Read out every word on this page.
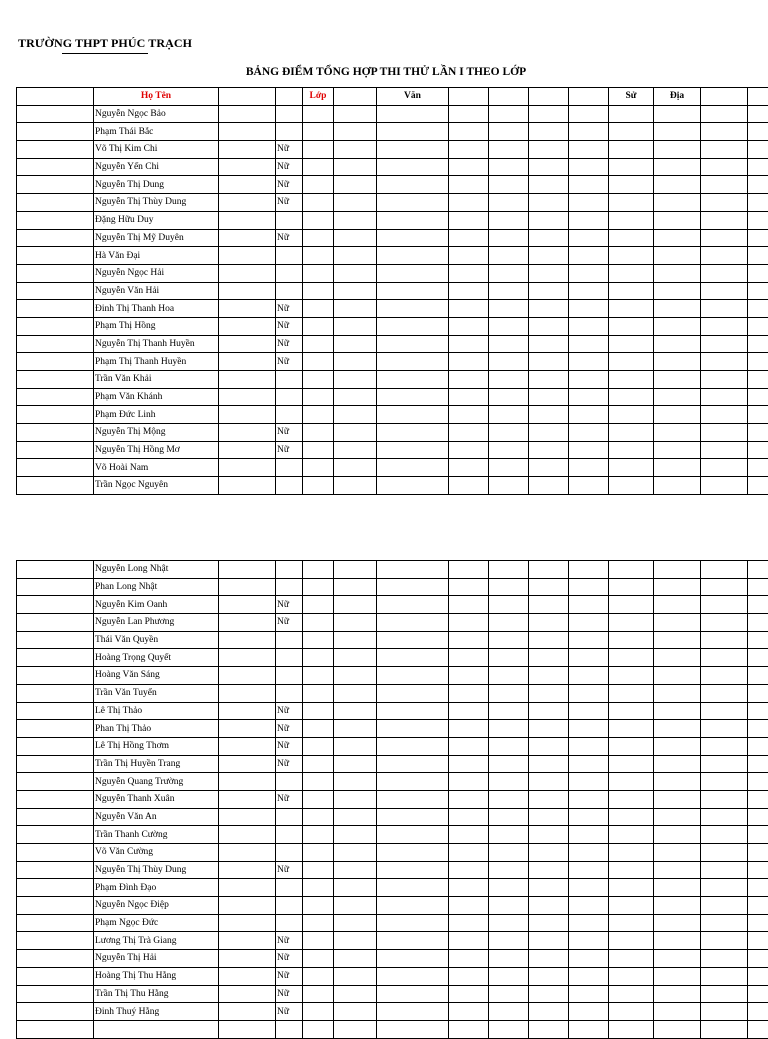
TRƯỜNG THPT PHÚC TRẠCH
BẢNG ĐIỂM TỔNG HỢP THI THỬ LẦN I THEO LỚP
	Họ Tên			Lớp		Văn					Sử	Địa		
	Nguyễn Ngọc Bảo													
	Phạm Thái Bắc													
	Võ Thị Kim Chi		Nữ											
	Nguyễn Yến Chi		Nữ											
	Nguyễn Thị Dung		Nữ											
	Nguyễn Thị Thùy Dung		Nữ											
	Đặng Hữu Duy													
	Nguyễn Thị Mỹ Duyên		Nữ											
	Hà Văn Đại													
	Nguyễn Ngọc Hải													
	Nguyễn Văn Hải													
	Đinh Thị Thanh Hoa		Nữ											
	Phạm Thị Hồng		Nữ											
	Nguyễn Thị Thanh Huyền		Nữ											
	Phạm Thị Thanh Huyền		Nữ											
	Trần Văn Khải													
	Phạm Văn Khánh													
	Phạm Đức Linh													
	Nguyễn Thị Mộng		Nữ											
	Nguyễn Thị Hồng Mơ		Nữ											
	Võ Hoài Nam													
	Trần Ngọc Nguyên													
	Nguyễn Long Nhật													
	Phan Long Nhật													
	Nguyễn Kim Oanh		Nữ											
	Nguyễn Lan Phương		Nữ											
	Thái Văn Quyền													
	Hoàng Trọng Quyết													
	Hoàng Văn Sáng													
	Trần Văn Tuyển													
	Lê Thị Thảo		Nữ											
	Phan Thị Thảo		Nữ											
	Lê Thị Hồng Thơm		Nữ											
	Trần Thị Huyền Trang		Nữ											
	Nguyễn Quang Trường													
	Nguyễn Thanh Xuân		Nữ											
	Nguyễn Văn An													
	Trần Thanh Cường													
	Võ Văn Cường													
	Nguyễn Thị Thùy Dung		Nữ											
	Phạm Đình Đạo													
	Nguyễn Ngọc Điệp													
	Phạm Ngọc Đức													
	Lương Thị Trà Giang		Nữ											
	Nguyễn Thị Hải		Nữ											
	Hoàng Thị Thu Hằng		Nữ											
	Trần Thị Thu Hằng		Nữ											
	Đinh Thuý Hằng		Nữ											
